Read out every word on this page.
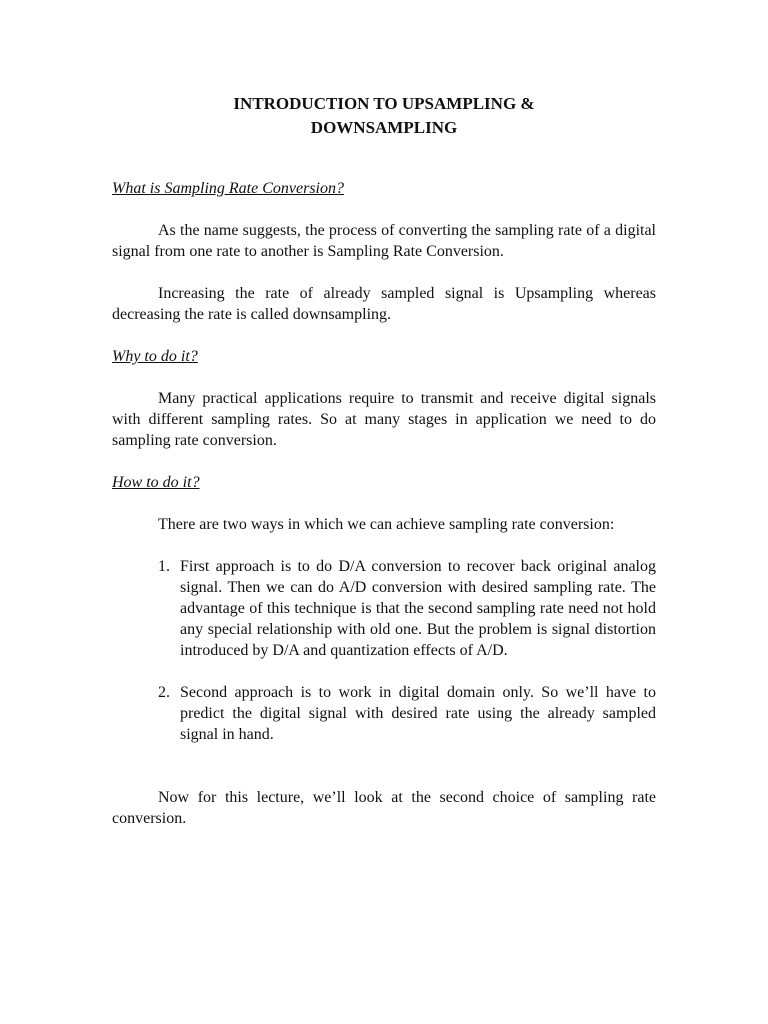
INTRODUCTION TO UPSAMPLING &
DOWNSAMPLING
What is Sampling Rate Conversion?

As the name suggests, the process of converting the sampling rate of a digital signal from one rate to another is Sampling Rate Conversion.

Increasing the rate of already sampled signal is Upsampling whereas decreasing the rate is called downsampling.

Why to do it?

Many practical applications require to transmit and receive digital signals with different sampling rates. So at many stages in application we need to do sampling rate conversion.

How to do it?

There are two ways in which we can achieve sampling rate conversion:

1. First approach is to do D/A conversion to recover back original analog signal. Then we can do A/D conversion with desired sampling rate. The advantage of this technique is that the second sampling rate need not hold any special relationship with old one. But the problem is signal distortion introduced by D/A and quantization effects of A/D.
2. Second approach is to work in digital domain only. So we’ll have to predict the digital signal with desired rate using the already sampled signal in hand.

Now for this lecture, we’ll look at the second choice of sampling rate conversion.
